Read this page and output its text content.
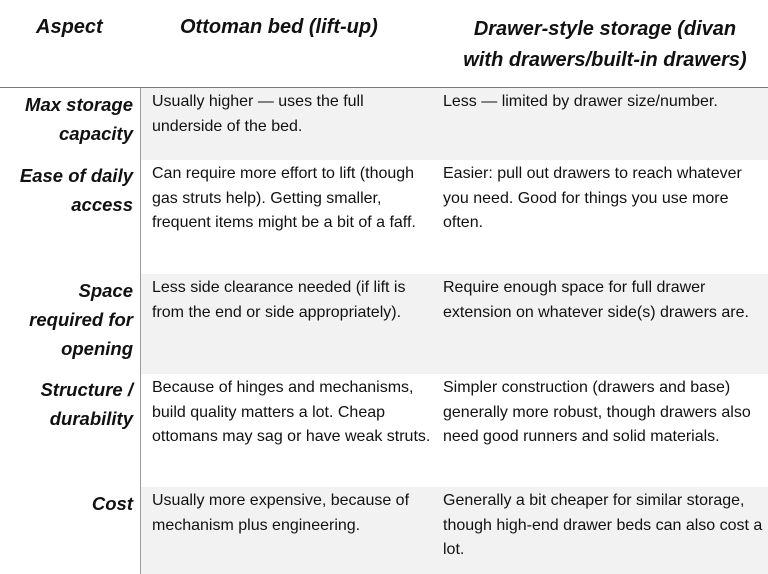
Aspect	Ottoman bed (lift-up)	Drawer-style storage (divan
with drawers/built-in drawers)
Max storage
capacity
Usually higher — uses the full underside of the bed.
Less — limited by drawer size/number.
Ease of daily
access
Can require more effort to lift (though gas struts help). Getting smaller, frequent items might be a bit of a faff.
Easier: pull out drawers to reach whatever you need. Good for things you use more often.
Space
required for
opening
Less side clearance needed (if lift is from the end or side appropriately).
Require enough space for full drawer extension on whatever side(s) drawers are.
Structure /
durability
Because of hinges and mechanisms, build quality matters a lot. Cheap ottomans may sag or have weak struts.
Simpler construction (drawers and base) generally more robust, though drawers also need good runners and solid materials.
Cost Usually more expensive, because of mechanism plus engineering.
Generally a bit cheaper for similar storage, though high-end drawer beds can also cost a lot.
